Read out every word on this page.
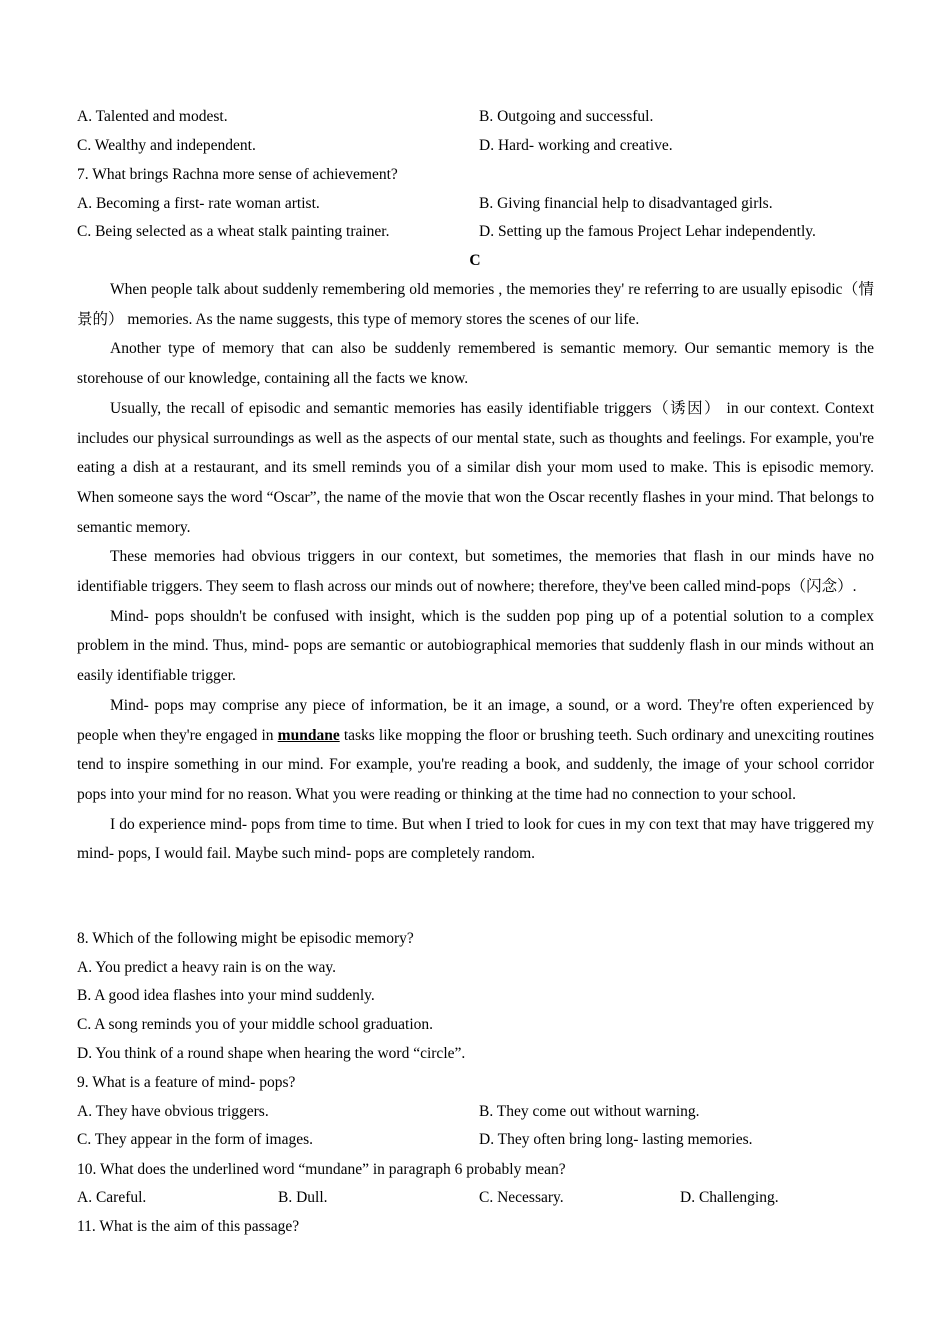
A. Talented and modest.	B. Outgoing and successful.
C. Wealthy and independent.	D. Hard- working and creative.
7. What brings Rachna more sense of achievement?
A. Becoming a first- rate woman artist.	B. Giving financial help to disadvantaged girls.
C. Being selected as a wheat stalk painting trainer.	D. Setting up the famous Project Lehar independently.
C

When people talk about suddenly remembering old memories , the memories they' re referring to are usually episodic（情景的） memories. As the name suggests, this type of memory stores the scenes of our life.

Another type of memory that can also be suddenly remembered is semantic memory. Our semantic memory is the storehouse of our knowledge, containing all the facts we know.

Usually, the recall of episodic and semantic memories has easily identifiable triggers（诱因） in our context. Context includes our physical surroundings as well as the aspects of our mental state, such as thoughts and feelings. For example, you're eating a dish at a restaurant, and its smell reminds you of a similar dish your mom used to make. This is episodic memory. When someone says the word “Oscar”, the name of the movie that won the Oscar recently flashes in your mind. That belongs to semantic memory.

These memories had obvious triggers in our context, but sometimes, the memories that flash in our minds have no identifiable triggers. They seem to flash across our minds out of nowhere; therefore, they've been called mind-pops（闪念）.

Mind- pops shouldn't be confused with insight, which is the sudden pop ping up of a potential solution to a complex problem in the mind. Thus, mind- pops are semantic or autobiographical memories that suddenly flash in our minds without an easily identifiable trigger.

Mind- pops may comprise any piece of information, be it an image, a sound, or a word. They're often experienced by people when they're engaged in mundane tasks like mopping the floor or brushing teeth. Such ordinary and unexciting routines tend to inspire something in our mind. For example, you're reading a book, and suddenly, the image of your school corridor pops into your mind for no reason. What you were reading or thinking at the time had no connection to your school.

I do experience mind- pops from time to time. But when I tried to look for cues in my con text that may have triggered my mind- pops, I would fail. Maybe such mind- pops are completely random.

8. Which of the following might be episodic memory?
A. You predict a heavy rain is on the way.
B. A good idea flashes into your mind suddenly.
C. A song reminds you of your middle school graduation.
D. You think of a round shape when hearing the word “circle”.
9. What is a feature of mind- pops?
A. They have obvious triggers.	B. They come out without warning.
C. They appear in the form of images.	D. They often bring long- lasting memories.
10. What does the underlined word “mundane” in paragraph 6 probably mean?
A. Careful.	B. Dull.	C. Necessary.	D. Challenging.
11. What is the aim of this passage?
